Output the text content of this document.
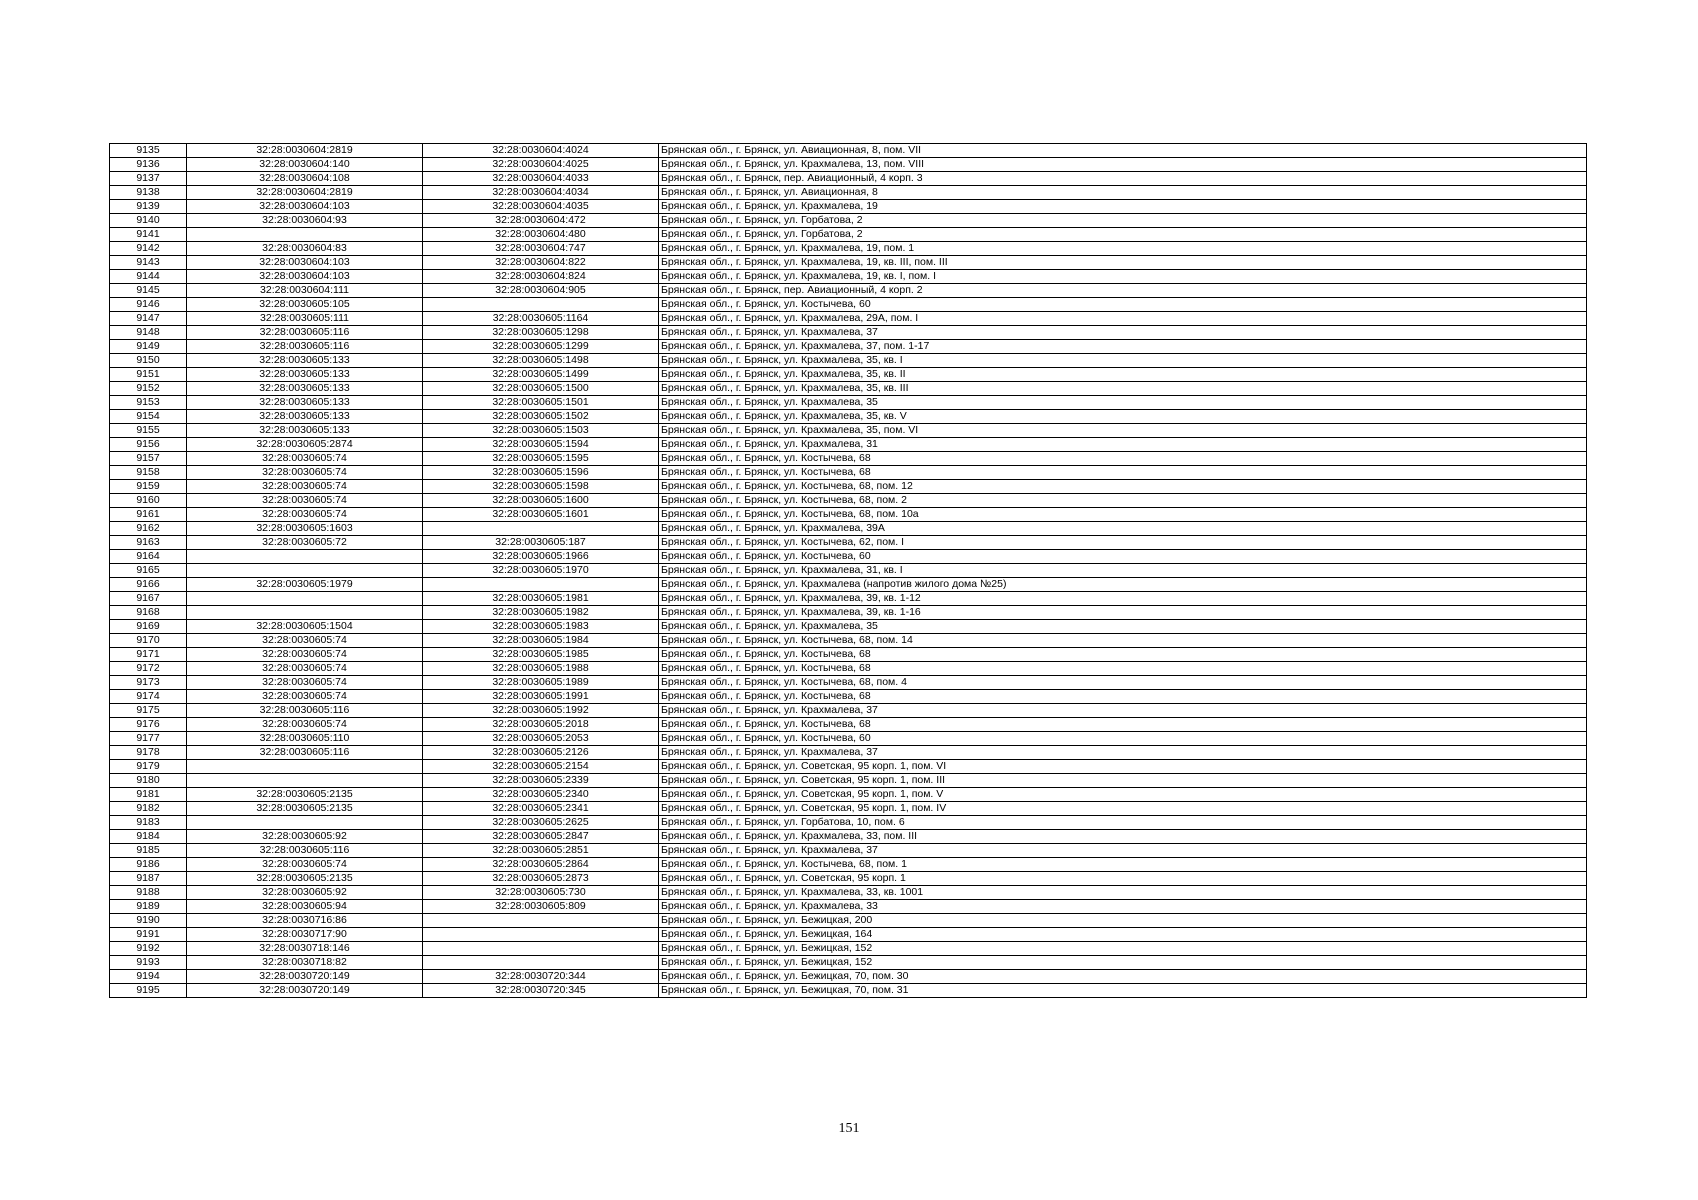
9135	32:28:0030604:2819	32:28:0030604:4024	Брянская обл., г. Брянск, ул. Авиационная, 8, пом. VII
9136	32:28:0030604:140	32:28:0030604:4025	Брянская обл., г. Брянск, ул. Крахмалева, 13, пом. VIII
9137	32:28:0030604:108	32:28:0030604:4033	Брянская обл., г. Брянск, пер. Авиационный, 4 корп. 3
9138	32:28:0030604:2819	32:28:0030604:4034	Брянская обл., г. Брянск, ул. Авиационная, 8
9139	32:28:0030604:103	32:28:0030604:4035	Брянская обл., г. Брянск, ул. Крахмалева, 19
9140	32:28:0030604:93	32:28:0030604:472	Брянская обл., г. Брянск, ул. Горбатова, 2
9141		32:28:0030604:480	Брянская обл., г. Брянск, ул. Горбатова, 2
9142	32:28:0030604:83	32:28:0030604:747	Брянская обл., г. Брянск, ул. Крахмалева, 19, пом. 1
9143	32:28:0030604:103	32:28:0030604:822	Брянская обл., г. Брянск, ул. Крахмалева, 19, кв. III, пом. III
9144	32:28:0030604:103	32:28:0030604:824	Брянская обл., г. Брянск, ул. Крахмалева, 19, кв. I, пом. I
9145	32:28:0030604:111	32:28:0030604:905	Брянская обл., г. Брянск, пер. Авиационный, 4 корп. 2
9146	32:28:0030605:105		Брянская обл., г. Брянск, ул. Костычева, 60
9147	32:28:0030605:111	32:28:0030605:1164	Брянская обл., г. Брянск, ул. Крахмалева, 29А, пом. I
9148	32:28:0030605:116	32:28:0030605:1298	Брянская обл., г. Брянск, ул. Крахмалева, 37
9149	32:28:0030605:116	32:28:0030605:1299	Брянская обл., г. Брянск, ул. Крахмалева, 37, пом. 1-17
9150	32:28:0030605:133	32:28:0030605:1498	Брянская обл., г. Брянск, ул. Крахмалева, 35, кв. I
9151	32:28:0030605:133	32:28:0030605:1499	Брянская обл., г. Брянск, ул. Крахмалева, 35, кв. II
9152	32:28:0030605:133	32:28:0030605:1500	Брянская обл., г. Брянск, ул. Крахмалева, 35, кв. III
9153	32:28:0030605:133	32:28:0030605:1501	Брянская обл., г. Брянск, ул. Крахмалева, 35
9154	32:28:0030605:133	32:28:0030605:1502	Брянская обл., г. Брянск, ул. Крахмалева, 35, кв. V
9155	32:28:0030605:133	32:28:0030605:1503	Брянская обл., г. Брянск, ул. Крахмалева, 35, пом. VI
9156	32:28:0030605:2874	32:28:0030605:1594	Брянская обл., г. Брянск, ул. Крахмалева, 31
9157	32:28:0030605:74	32:28:0030605:1595	Брянская обл., г. Брянск, ул. Костычева, 68
9158	32:28:0030605:74	32:28:0030605:1596	Брянская обл., г. Брянск, ул. Костычева, 68
9159	32:28:0030605:74	32:28:0030605:1598	Брянская обл., г. Брянск, ул. Костычева, 68, пом. 12
9160	32:28:0030605:74	32:28:0030605:1600	Брянская обл., г. Брянск, ул. Костычева, 68, пом. 2
9161	32:28:0030605:74	32:28:0030605:1601	Брянская обл., г. Брянск, ул. Костычева, 68, пом. 10а
9162	32:28:0030605:1603		Брянская обл., г. Брянск, ул. Крахмалева, 39А
9163	32:28:0030605:72	32:28:0030605:187	Брянская обл., г. Брянск, ул. Костычева, 62, пом. I
9164		32:28:0030605:1966	Брянская обл., г. Брянск, ул. Костычева, 60
9165		32:28:0030605:1970	Брянская обл., г. Брянск, ул. Крахмалева, 31, кв. I
9166	32:28:0030605:1979		Брянская обл., г. Брянск, ул. Крахмалева (напротив жилого дома №25)
9167		32:28:0030605:1981	Брянская обл., г. Брянск, ул. Крахмалева, 39, кв. 1-12
9168		32:28:0030605:1982	Брянская обл., г. Брянск, ул. Крахмалева, 39, кв. 1-16
9169	32:28:0030605:1504	32:28:0030605:1983	Брянская обл., г. Брянск, ул. Крахмалева, 35
9170	32:28:0030605:74	32:28:0030605:1984	Брянская обл., г. Брянск, ул. Костычева, 68, пом. 14
9171	32:28:0030605:74	32:28:0030605:1985	Брянская обл., г. Брянск, ул. Костычева, 68
9172	32:28:0030605:74	32:28:0030605:1988	Брянская обл., г. Брянск, ул. Костычева, 68
9173	32:28:0030605:74	32:28:0030605:1989	Брянская обл., г. Брянск, ул. Костычева, 68, пом. 4
9174	32:28:0030605:74	32:28:0030605:1991	Брянская обл., г. Брянск, ул. Костычева, 68
9175	32:28:0030605:116	32:28:0030605:1992	Брянская обл., г. Брянск, ул. Крахмалева, 37
9176	32:28:0030605:74	32:28:0030605:2018	Брянская обл., г. Брянск, ул. Костычева, 68
9177	32:28:0030605:110	32:28:0030605:2053	Брянская обл., г. Брянск, ул. Костычева, 60
9178	32:28:0030605:116	32:28:0030605:2126	Брянская обл., г. Брянск, ул. Крахмалева, 37
9179		32:28:0030605:2154	Брянская обл., г. Брянск, ул. Советская, 95 корп. 1, пом. VI
9180		32:28:0030605:2339	Брянская обл., г. Брянск, ул. Советская, 95 корп. 1, пом. III
9181	32:28:0030605:2135	32:28:0030605:2340	Брянская обл., г. Брянск, ул. Советская, 95 корп. 1, пом. V
9182	32:28:0030605:2135	32:28:0030605:2341	Брянская обл., г. Брянск, ул. Советская, 95 корп. 1, пом. IV
9183		32:28:0030605:2625	Брянская обл., г. Брянск, ул. Горбатова, 10, пом. 6
9184	32:28:0030605:92	32:28:0030605:2847	Брянская обл., г. Брянск, ул. Крахмалева, 33, пом. III
9185	32:28:0030605:116	32:28:0030605:2851	Брянская обл., г. Брянск, ул. Крахмалева, 37
9186	32:28:0030605:74	32:28:0030605:2864	Брянская обл., г. Брянск, ул. Костычева, 68, пом. 1
9187	32:28:0030605:2135	32:28:0030605:2873	Брянская обл., г. Брянск, ул. Советская, 95 корп. 1
9188	32:28:0030605:92	32:28:0030605:730	Брянская обл., г. Брянск, ул. Крахмалева, 33, кв. 1001
9189	32:28:0030605:94	32:28:0030605:809	Брянская обл., г. Брянск, ул. Крахмалева, 33
9190	32:28:0030716:86		Брянская обл., г. Брянск, ул. Бежицкая, 200
9191	32:28:0030717:90		Брянская обл., г. Брянск, ул. Бежицкая, 164
9192	32:28:0030718:146		Брянская обл., г. Брянск, ул. Бежицкая, 152
9193	32:28:0030718:82		Брянская обл., г. Брянск, ул. Бежицкая, 152
9194	32:28:0030720:149	32:28:0030720:344	Брянская обл., г. Брянск, ул. Бежицкая, 70, пом. 30
9195	32:28:0030720:149	32:28:0030720:345	Брянская обл., г. Брянск, ул. Бежицкая, 70, пом. 31
151
